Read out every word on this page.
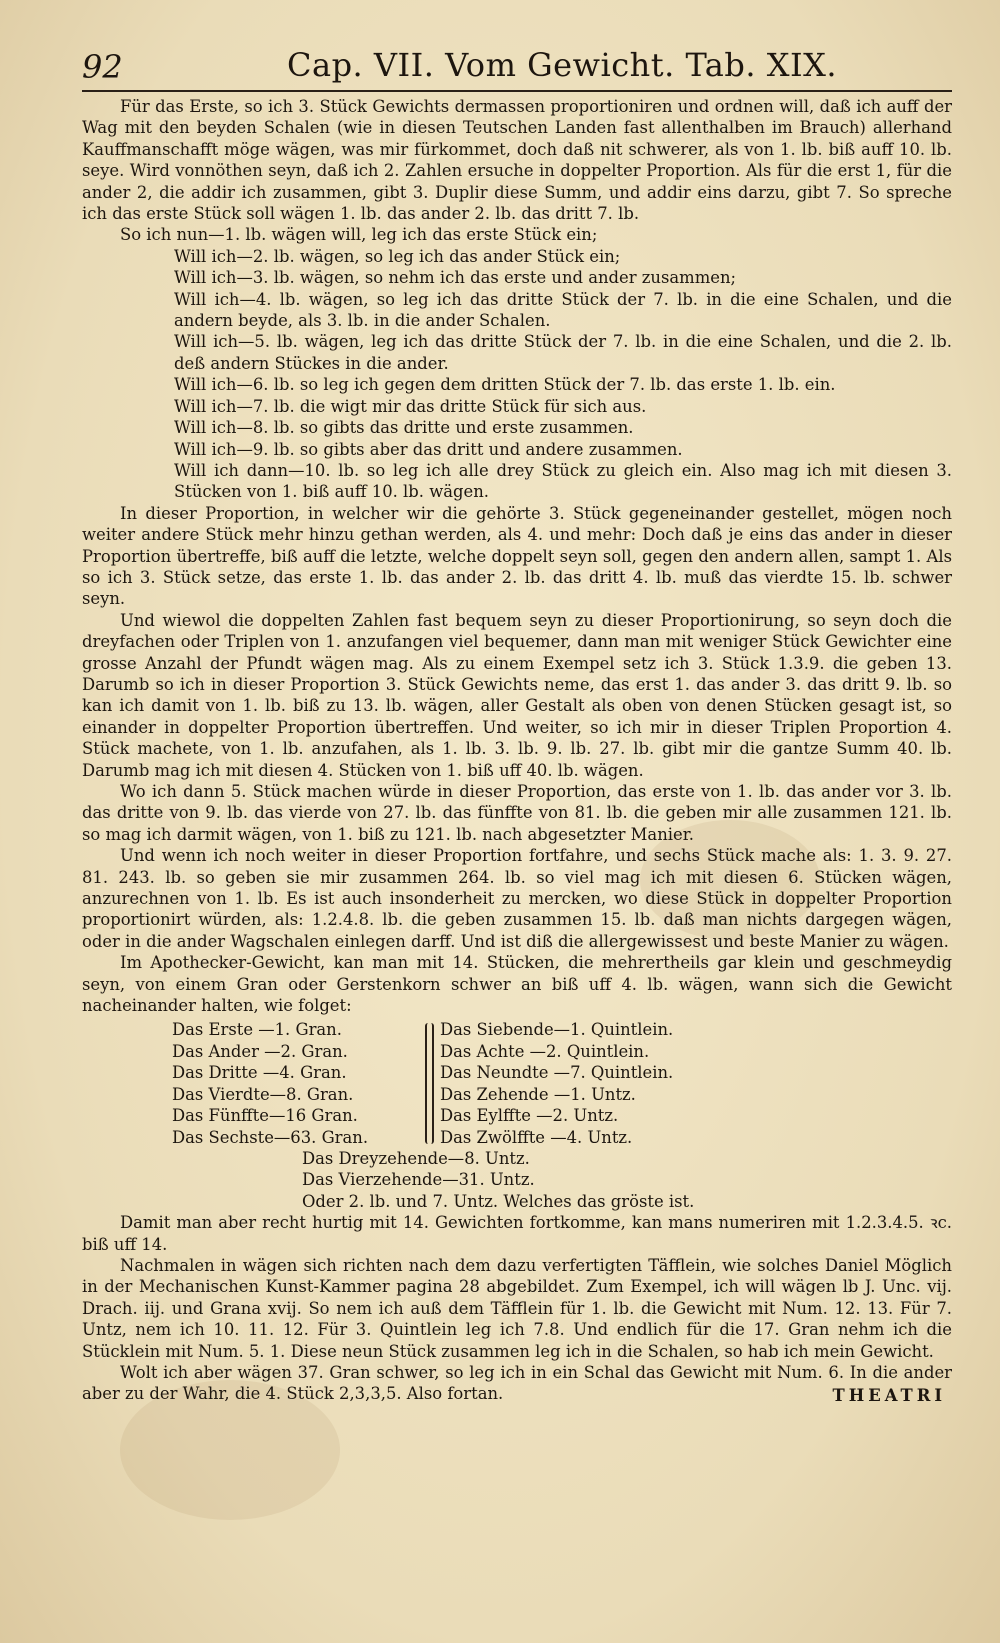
92	Cap. VII. Vom Gewicht. Tab. XIX.

Für das Erste, so ich 3. Stück Gewichts dermassen proportioniren und ordnen will, daß ich auff der Wag mit den beyden Schalen (wie in diesen Teutschen Landen fast allenthalben im Brauch) allerhand Kauffmanschafft möge wägen, was mir fürkommet, doch daß nit schwerer, als von 1. lb. biß auff 10. lb. seye. Wird vonnöthen seyn, daß ich 2. Zahlen ersuche in doppelter Proportion. Als für die erst 1, für die ander 2, die addir ich zusammen, gibt 3. Duplir diese Summ, und addir eins darzu, gibt 7. So spreche ich das erste Stück soll wägen 1. lb. das ander 2. lb. das dritt 7. lb.

So ich nun—1. lb. wägen will, leg ich das erste Stück ein;

Will ich—2. lb. wägen, so leg ich das ander Stück ein;

Will ich—3. lb. wägen, so nehm ich das erste und ander zusammen;

Will ich—4. lb. wägen, so leg ich das dritte Stück der 7. lb. in die eine Schalen, und die andern beyde, als 3. lb. in die ander Schalen.

Will ich—5. lb. wägen, leg ich das dritte Stück der 7. lb. in die eine Schalen, und die 2. lb. deß andern Stückes in die ander.

Will ich—6. lb. so leg ich gegen dem dritten Stück der 7. lb. das erste 1. lb. ein.

Will ich—7. lb. die wigt mir das dritte Stück für sich aus.

Will ich—8. lb. so gibts das dritte und erste zusammen.

Will ich—9. lb. so gibts aber das dritt und andere zusammen.

Will ich dann—10. lb. so leg ich alle drey Stück zu gleich ein. Also mag ich mit diesen 3. Stücken von 1. biß auff 10. lb. wägen.

In dieser Proportion, in welcher wir die gehörte 3. Stück gegeneinander gestellet, mögen noch weiter andere Stück mehr hinzu gethan werden, als 4. und mehr: Doch daß je eins das ander in dieser Proportion übertreffe, biß auff die letzte, welche doppelt seyn soll, gegen den andern allen, sampt 1. Als so ich 3. Stück setze, das erste 1. lb. das ander 2. lb. das dritt 4. lb. muß das vierdte 15. lb. schwer seyn.

Und wiewol die doppelten Zahlen fast bequem seyn zu dieser Proportionirung, so seyn doch die dreyfachen oder Triplen von 1. anzufangen viel bequemer, dann man mit weniger Stück Gewichter eine grosse Anzahl der Pfundt wägen mag. Als zu einem Exempel setz ich 3. Stück 1.3.9. die geben 13. Darumb so ich in dieser Proportion 3. Stück Gewichts neme, das erst 1. das ander 3. das dritt 9. lb. so kan ich damit von 1. lb. biß zu 13. lb. wägen, aller Gestalt als oben von denen Stücken gesagt ist, so einander in doppelter Proportion übertreffen. Und weiter, so ich mir in dieser Triplen Proportion 4. Stück machete, von 1. lb. anzufahen, als 1. lb. 3. lb. 9. lb. 27. lb. gibt mir die gantze Summ 40. lb. Darumb mag ich mit diesen 4. Stücken von 1. biß uff 40. lb. wägen.

Wo ich dann 5. Stück machen würde in dieser Proportion, das erste von 1. lb. das ander vor 3. lb. das dritte von 9. lb. das vierde von 27. lb. das fünffte von 81. lb. die geben mir alle zusammen 121. lb. so mag ich darmit wägen, von 1. biß zu 121. lb. nach abgesetzter Manier.

Und wenn ich noch weiter in dieser Proportion fortfahre, und sechs Stück mache als: 1. 3. 9. 27. 81. 243. lb. so geben sie mir zusammen 264. lb. so viel mag ich mit diesen 6. Stücken wägen, anzurechnen von 1. lb. Es ist auch insonderheit zu mercken, wo diese Stück in doppelter Proportion proportionirt würden, als: 1.2.4.8. lb. die geben zusammen 15. lb. daß man nichts dargegen wägen, oder in die ander Wagschalen einlegen darff. Und ist diß die allergewissest und beste Manier zu wägen.

Im Apothecker-Gewicht, kan man mit 14. Stücken, die mehrertheils gar klein und geschmeydig seyn, von einem Gran oder Gerstenkorn schwer an biß uff 4. lb. wägen, wann sich die Gewicht nacheinander halten, wie folget:

Das Erste —1. Gran.
Das Ander —2. Gran.
Das Dritte —4. Gran.
Das Vierdte—8. Gran.
Das Fünffte—16 Gran.
Das Sechste—63. Gran.
Das Siebende—1. Quintlein.
Das Achte —2. Quintlein.
Das Neundte —7. Quintlein.
Das Zehende —1. Untz.
Das Eylffte —2. Untz.
Das Zwölffte —4. Untz.
Das Dreyzehende—8. Untz.
Das Vierzehende—31. Untz.
Oder 2. lb. und 7. Untz. Welches das gröste ist.

Damit man aber recht hurtig mit 14. Gewichten fortkomme, kan mans numeriren mit 1.2.3.4.5. ꝛc. biß uff 14.

Nachmalen in wägen sich richten nach dem dazu verfertigten Täfflein, wie solches Daniel Möglich in der Mechanischen Kunst-Kammer pagina 28 abgebildet. Zum Exempel, ich will wägen lb J. Unc. vij. Drach. iij. und Grana xvij. So nem ich auß dem Täfflein für 1. lb. die Gewicht mit Num. 12. 13. Für 7. Untz, nem ich 10. 11. 12. Für 3. Quintlein leg ich 7.8. Und endlich für die 17. Gran nehm ich die Stücklein mit Num. 5. 1. Diese neun Stück zusammen leg ich in die Schalen, so hab ich mein Gewicht.

Wolt ich aber wägen 37. Gran schwer, so leg ich in ein Schal das Gewicht mit Num. 6. In die ander aber zu der Wahr, die 4. Stück 2,3,3,5. Also fortan.	THEATRI
